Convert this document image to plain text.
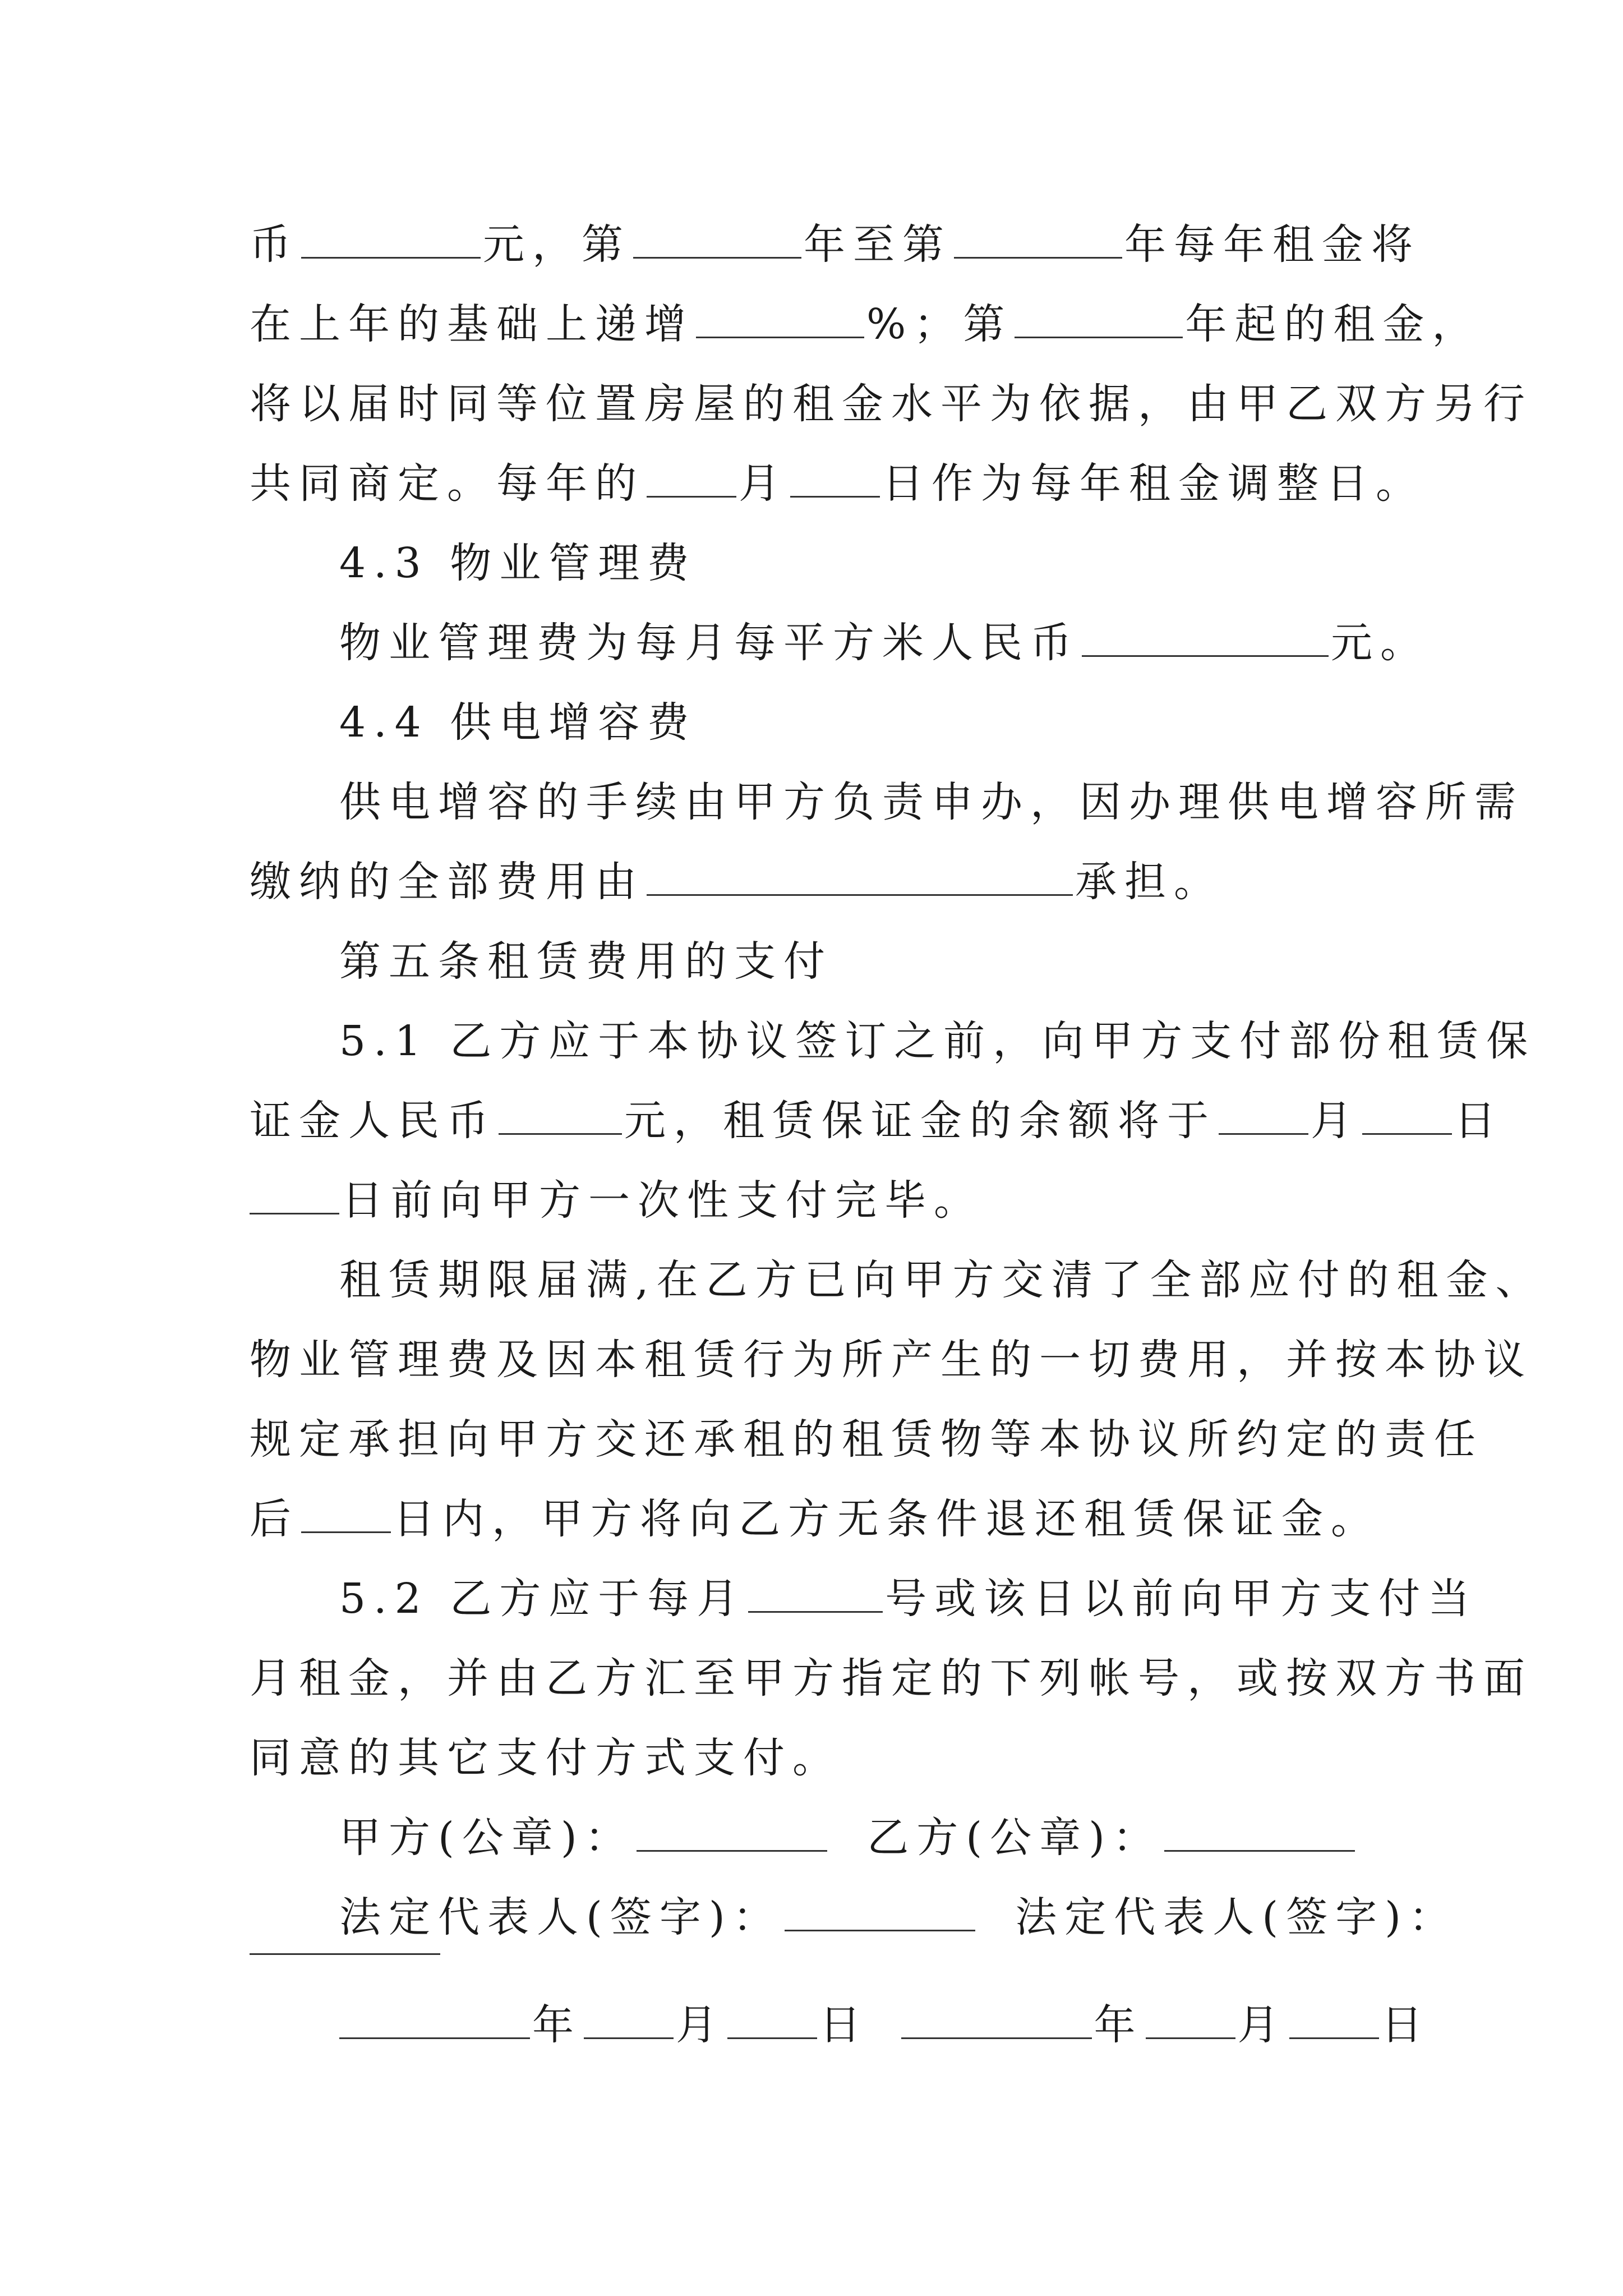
币	元，第	年至第	年每年租金将
在上年的基础上递增	%；第	年起的租金，
将以届时同等位置房屋的租金水平为依据，由甲乙双方另行
共同商定。每年的 月 日作为每年租金调整日。
4.3 物业管理费
物业管理费为每月每平方米人民币	元。
4.4 供电增容费
供电增容的手续由甲方负责申办，因办理供电增容所需
缴纳的全部费用由	承担。
第五条租赁费用的支付
5.1 乙方应于本协议签订之前，向甲方支付部份租赁保
证金人民币	元，租赁保证金的余额将于 月 日
日前向甲方一次性支付完毕。
租赁期限届满,在乙方已向甲方交清了全部应付的租金、
物业管理费及因本租赁行为所产生的一切费用，并按本协议
规定承担向甲方交还承租的租赁物等本协议所约定的责任
后 日内，甲方将向乙方无条件退还租赁保证金。
5.2 乙方应于每月	号或该日以前向甲方支付当
月租金，并由乙方汇至甲方指定的下列帐号，或按双方书面
同意的其它支付方式支付。
甲方(公章)：	乙方(公章)：
法定代表人(签字)：	法定代表人(签字)：
年 月 日	年 月 日
